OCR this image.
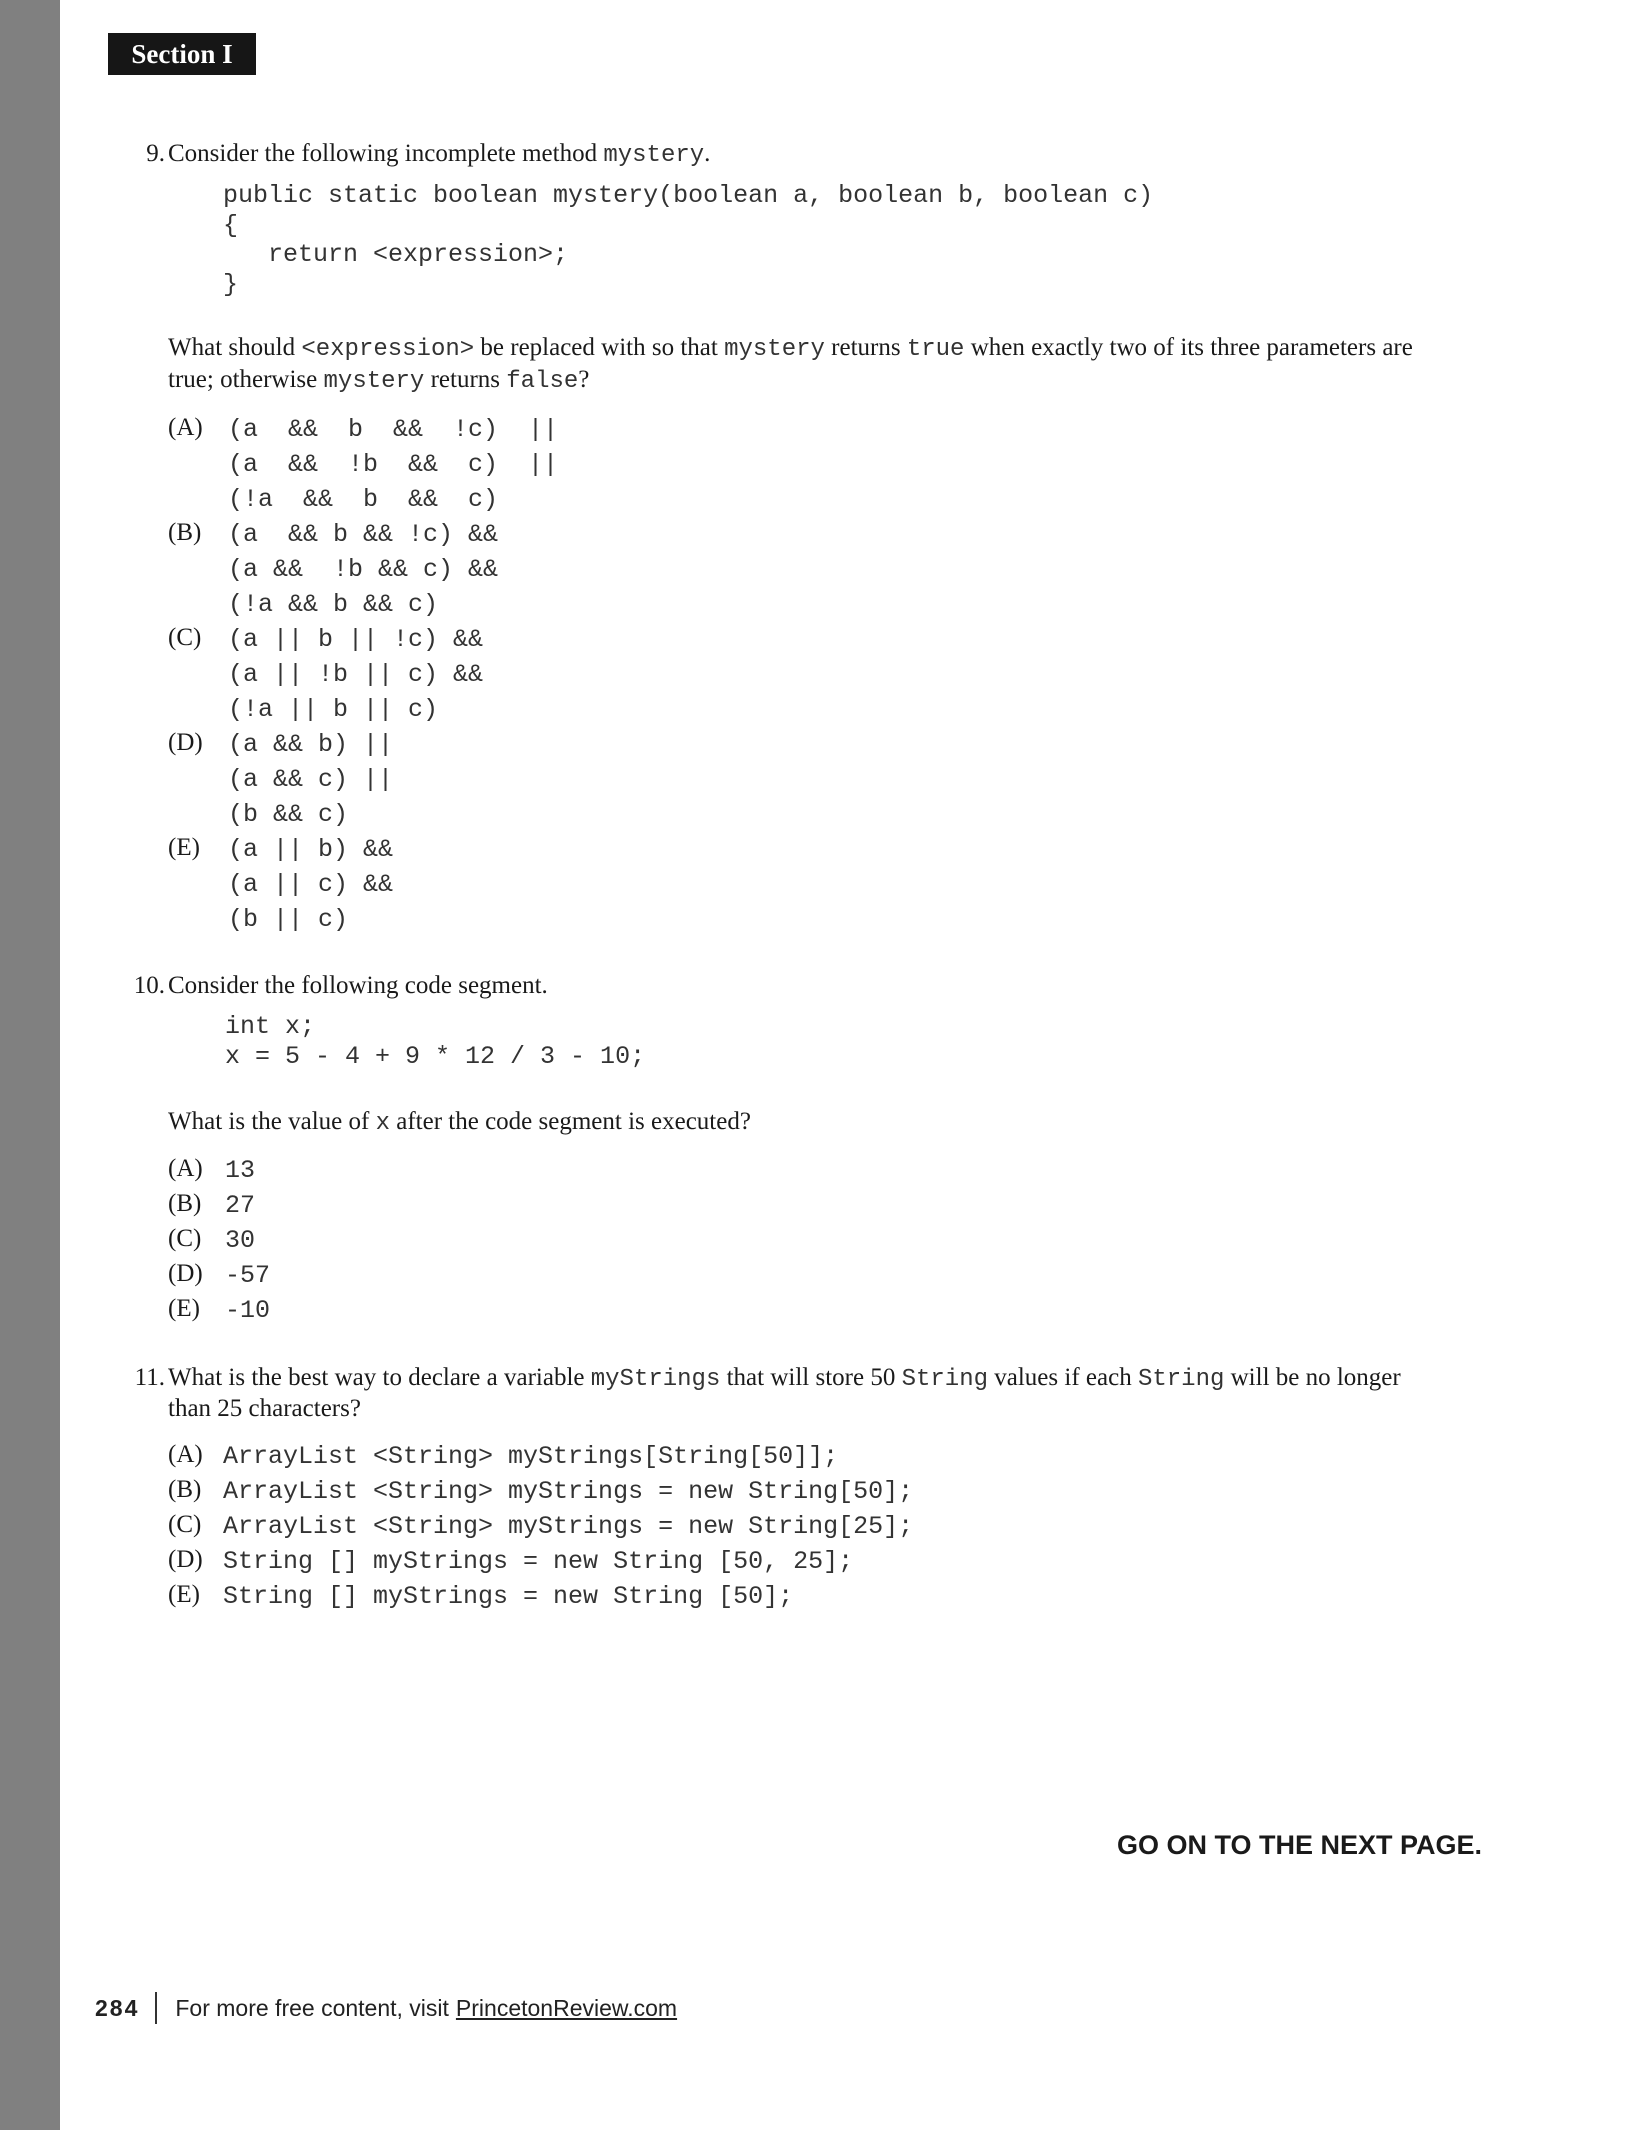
Section I
9. Consider the following incomplete method mystery.
public static boolean mystery(boolean a, boolean b, boolean c)
{
return <expression>;
}
What should <expression> be replaced with so that mystery returns true when exactly two of its three parameters are
true; otherwise mystery returns false?
(A) (a  &&  b  &&  !c)  ||
(a  &&  !b  &&  c)  ||
(!a  &&  b  &&  c)
(B) (a  && b && !c) &&
(a &&  !b && c) &&
(!a && b && c)
(C) (a || b || !c) &&
(a || !b || c) &&
(!a || b || c)
(D) (a && b) ||
(a && c) ||
(b && c)
(E) (a || b) &&
(a || c) &&
(b || c)
10. Consider the following code segment.
int x;
x = 5 - 4 + 9 * 12 / 3 - 10;
What is the value of x after the code segment is executed?
(A) 13
(B) 27
(C) 30
(D) -57
(E) -10
11. What is the best way to declare a variable myStrings that will store 50 String values if each String will be no longer
than 25 characters?
(A) ArrayList <String> myStrings[String[50]];
(B) ArrayList <String> myStrings = new String[50];
(C) ArrayList <String> myStrings = new String[25];
(D) String [] myStrings = new String [50, 25];
(E) String [] myStrings = new String [50];
GO ON TO THE NEXT PAGE.
284 For more free content, visit PrincetonReview.com
